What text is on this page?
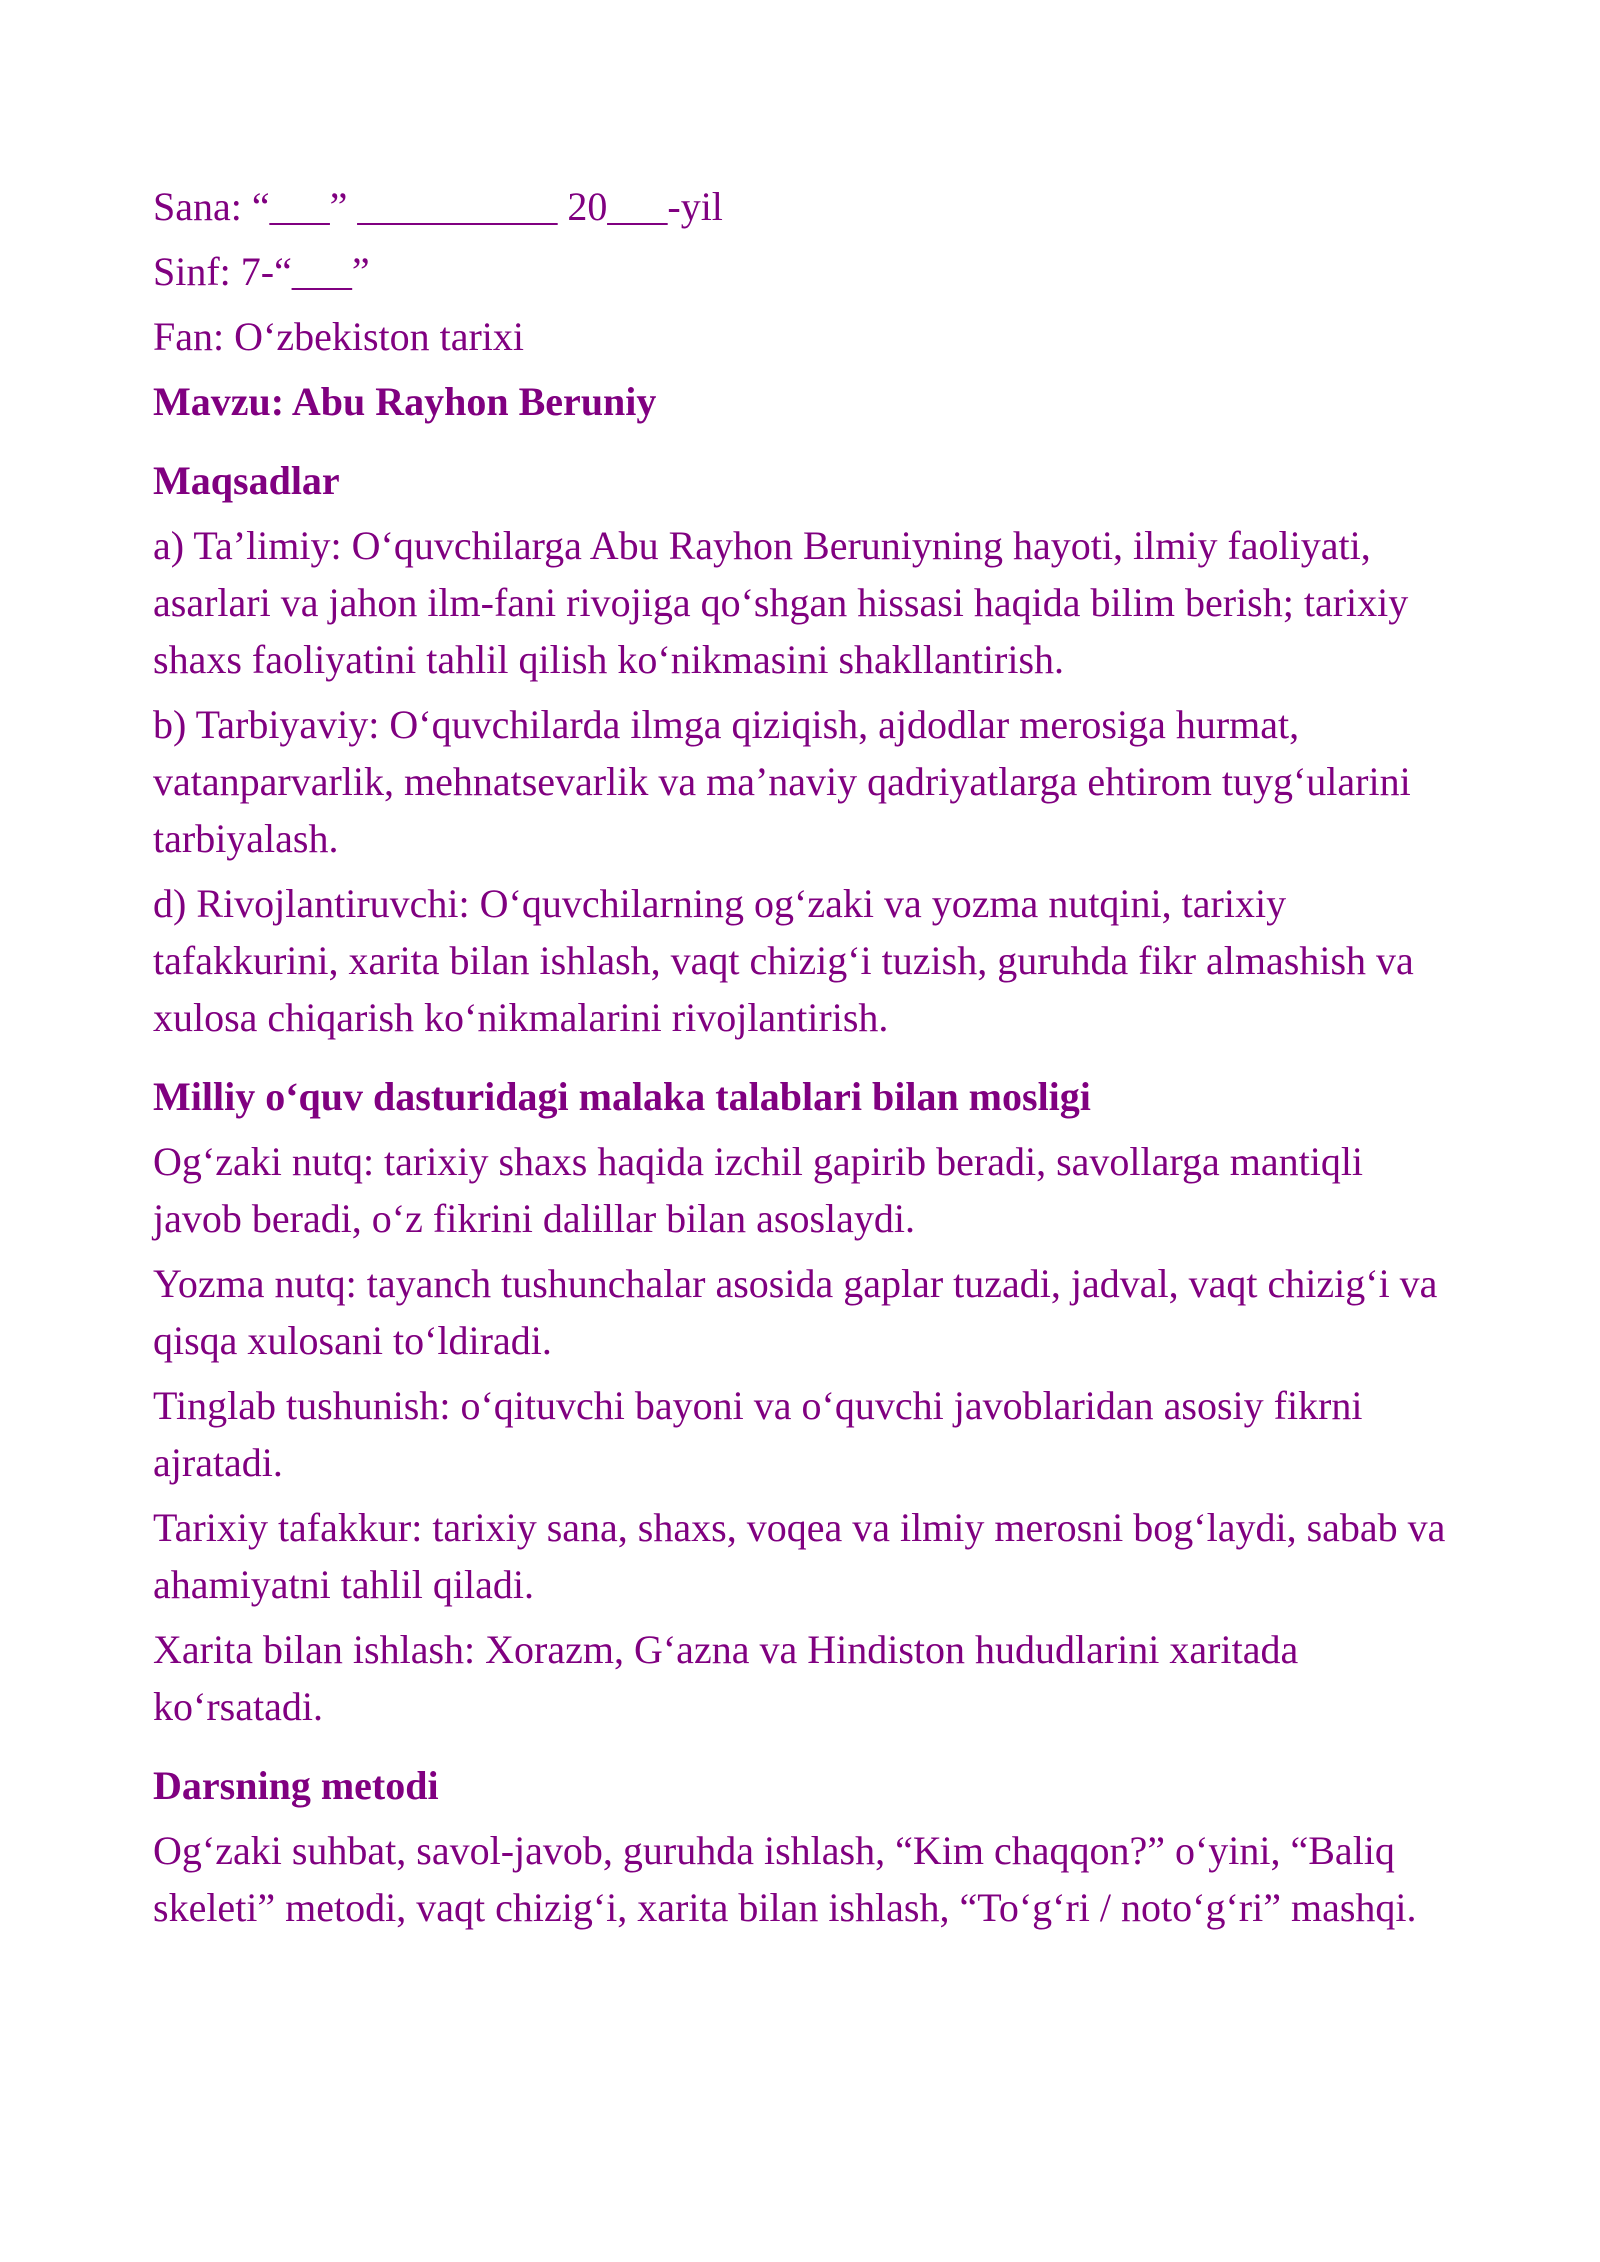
Sana: “___” __________ 20___-yil
Sinf: 7-“___”
Fan: O‘zbekiston tarixi
Mavzu: Abu Rayhon Beruniy
Maqsadlar
a) Ta’limiy: O‘quvchilarga Abu Rayhon Beruniyning hayoti, ilmiy faoliyati, asarlari va jahon ilm-fani rivojiga qo‘shgan hissasi haqida bilim berish; tarixiy shaxs faoliyatini tahlil qilish ko‘nikmasini shakllantirish.
b) Tarbiyaviy: O‘quvchilarda ilmga qiziqish, ajdodlar merosiga hurmat, vatanparvarlik, mehnatsevarlik va ma’naviy qadriyatlarga ehtirom tuyg‘ularini tarbiyalash.
d) Rivojlantiruvchi: O‘quvchilarning og‘zaki va yozma nutqini, tarixiy tafakkurini, xarita bilan ishlash, vaqt chizig‘i tuzish, guruhda fikr almashish va xulosa chiqarish ko‘nikmalarini rivojlantirish.
Milliy o‘quv dasturidagi malaka talablari bilan mosligi
Og‘zaki nutq: tarixiy shaxs haqida izchil gapirib beradi, savollarga mantiqli javob beradi, o‘z fikrini dalillar bilan asoslaydi.
Yozma nutq: tayanch tushunchalar asosida gaplar tuzadi, jadval, vaqt chizig‘i va qisqa xulosani to‘ldiradi.
Tinglab tushunish: o‘qituvchi bayoni va o‘quvchi javoblaridan asosiy fikrni ajratadi.
Tarixiy tafakkur: tarixiy sana, shaxs, voqea va ilmiy merosni bog‘laydi, sabab va ahamiyatni tahlil qiladi.
Xarita bilan ishlash: Xorazm, G‘azna va Hindiston hududlarini xaritada ko‘rsatadi.
Darsning metodi
Og‘zaki suhbat, savol-javob, guruhda ishlash, “Kim chaqqon?” o‘yini, “Baliq skeleti” metodi, vaqt chizig‘i, xarita bilan ishlash, “To‘g‘ri / noto‘g‘ri” mashqi.
